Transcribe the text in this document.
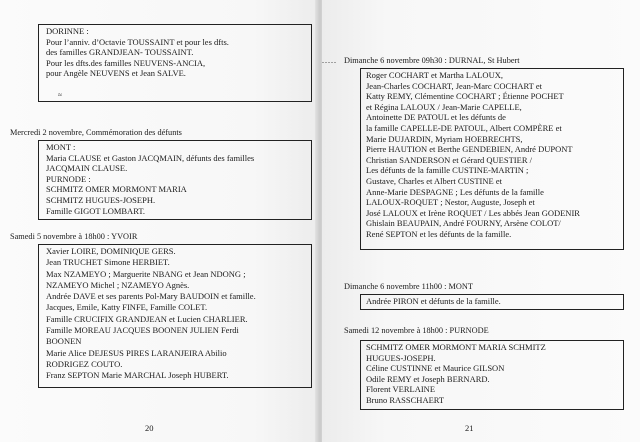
DORINNE :
Pour l’anniv. d’Octavie TOUSSAINT et pour les dfts.
des familles GRANDJEAN- TOUSSAINT.
Pour les dfts.des familles NEUVENS-ANCIA,
pour Angèle NEUVENS et Jean SALVE.
≈
Mercredi 2 novembre, Commémoration des défunts
MONT :
Maria CLAUSE et Gaston JACQMAIN, défunts des familles
JACQMAIN CLAUSE.
PURNODE :
SCHMITZ OMER MORMONT MARIA
SCHMITZ HUGUES-JOSEPH.
Famille GIGOT LOMBART.
Samedi 5 novembre à 18h00 : YVOIR
Xavier LOIRE, DOMINIQUE GERS.
Jean TRUCHET Simone HERBIET.
Max NZAMEYO ; Marguerite NBANG et Jean NDONG ;
NZAMEYO Michel ; NZAMEYO Agnès.
Andrée DAVE et ses parents Pol-Mary BAUDOIN et famille.
Jacques, Emile, Katty FINFE, Famille COLET.
Famille CRUCIFIX GRANDJEAN et Lucien CHARLIER.
Famille MOREAU JACQUES BOONEN JULIEN Ferdi
BOONEN
Marie Alice DEJESUS PIRES LARANJEIRA Abilio
RODRIGEZ COUTO.
Franz SEPTON Marie MARCHAL Joseph HUBERT.
20
..... Dimanche 6 novembre 09h30 : DURNAL, St Hubert
Roger COCHART et Martha LALOUX,
Jean-Charles COCHART, Jean-Marc COCHART et
Katty REMY, Clémentine COCHART ; Étienne POCHET
et Régina LALOUX / Jean-Marie CAPELLE,
Antoinette DE PATOUL et les défunts de
la famille CAPELLE-DE PATOUL, Albert COMPÈRE et
Marie DUJARDIN, Myriam HOEBRECHTS,
Pierre HAUTION et Berthe GENDEBIEN, André DUPONT
Christian SANDERSON et Gérard QUESTIER /
Les défunts de la famille CUSTINE-MARTIN ;
Gustave, Charles et Albert CUSTINE et
Anne-Marie DESPAGNE ; Les défunts de la famille
LALOUX-ROQUET ; Nestor, Auguste, Joseph et
José LALOUX et Irène ROQUET / Les abbés Jean GODENIR
Ghislain BEAUPAIN, André FOURNY, Arsène COLOT/
René SEPTON et les défunts de la famille.
Dimanche 6 novembre 11h00 : MONT
Andrée PIRON et défunts de la famille.
Samedi 12 novembre à 18h00 : PURNODE
SCHMITZ OMER MORMONT MARIA SCHMITZ
HUGUES-JOSEPH.
Céline CUSTINNE et Maurice GILSON
Odile REMY et Joseph BERNARD.
Florent VERLAINE
Bruno RASSCHAERT
21
